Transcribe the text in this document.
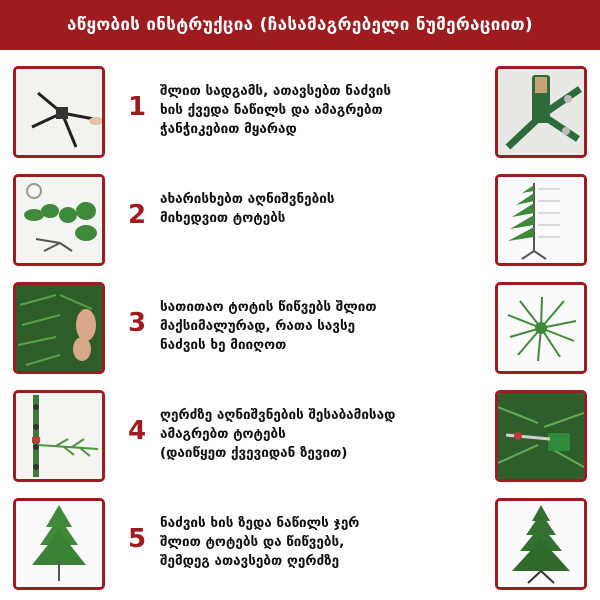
აწყობის ინსტრუქცია (ჩასამაგრებელი ნუმერაციით)
1
შლით სადგამს, ათავსებთ ნაძვის
ხის ქვედა ნაწილს და ამაგრებთ
ჭანჭიკებით მყარად
2
ახარისხებთ აღნიშვნების
მიხედვით ტოტებს
3
სათითაო ტოტის წიწვებს შლით
მაქსიმალურად, რათა სავსე
ნაძვის ხე მიიღოთ
4
ღერძზე აღნიშვნების შესაბამისად
ამაგრებთ ტოტებს
(დაიწყეთ ქვევიდან ზევით)
5
ნაძვის ხის ზედა ნაწილს ჯერ
შლით ტოტებს და წიწვებს,
შემდეგ ათავსებთ ღერძზე
